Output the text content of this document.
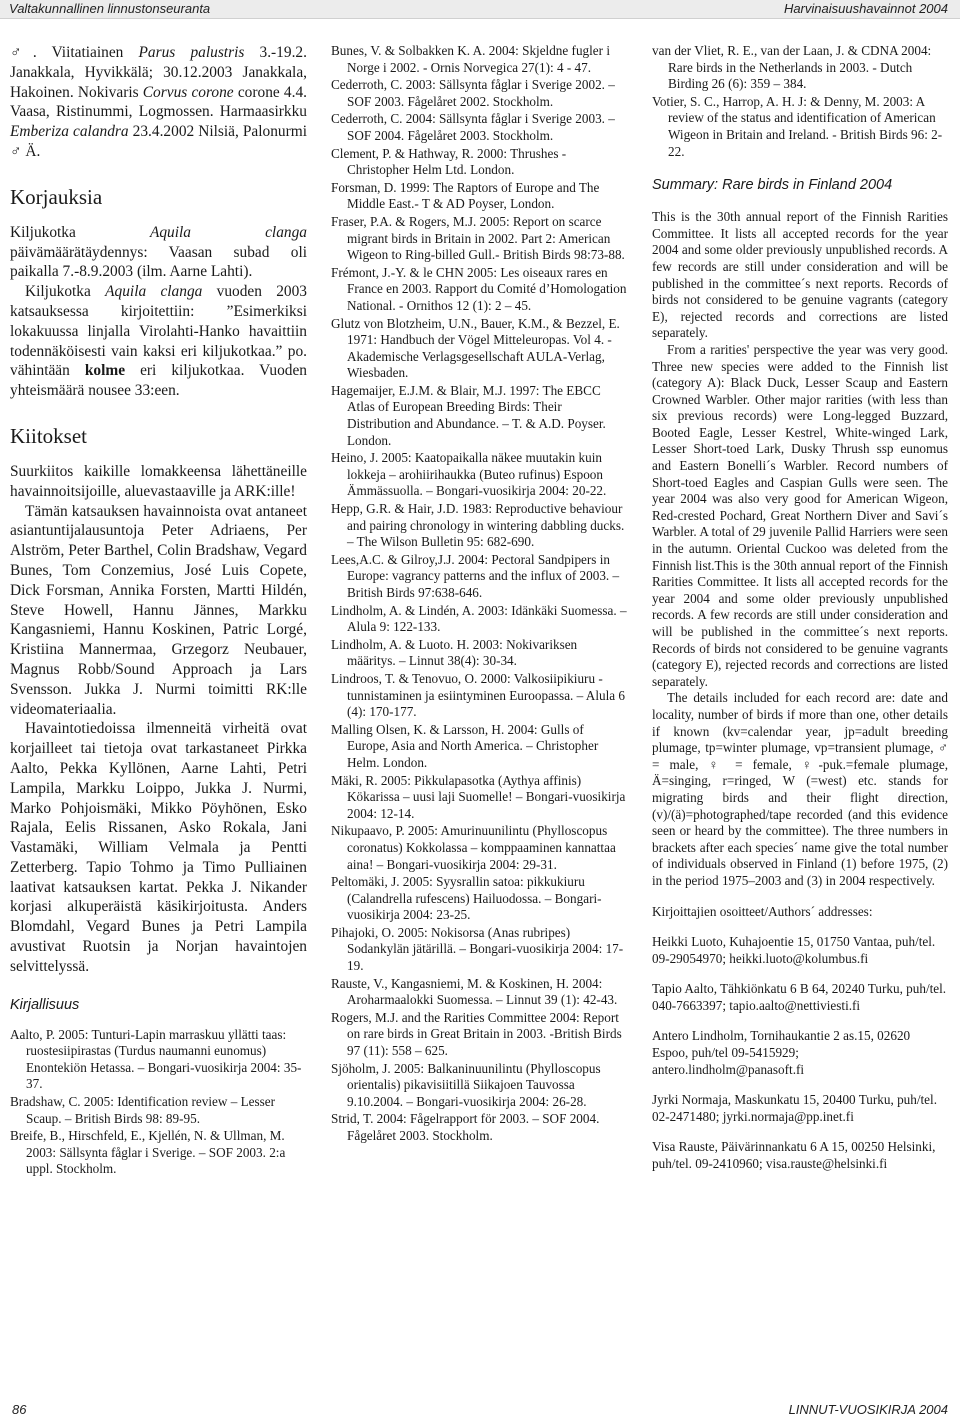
Valtakunnallinen linnustonseuranta	Harvinaisuushavainnot 2004

♂. Viitatiainen Parus palustris 3.-19.2. Janakkala, Hyvikkälä; 30.12.2003 Janakkala, Hakoinen. Nokivaris Corvus corone corone 4.4. Vaasa, Ristinummi, Logmossen. Harmaasirkku Emberiza calandra 23.4.2002 Nilsiä, Palonurmi ♂ Ä.

Korjauksia

Kiljukotka Aquila clanga päivämäärätäydennys: Vaasan subad oli paikalla 7.-8.9.2003 (ilm. Aarne Lahti).

Kiljukotka Aquila clanga vuoden 2003 katsauksessa kirjoitettiin: ”Esimerkiksi lokakuussa linjalla Virolahti-Hanko havaittiin todennäköisesti vain kaksi eri kiljukotkaa.” po. vähintään kolme eri kiljukotkaa. Vuoden yhteismäärä nousee 33:een.

Kiitokset

Suurkiitos kaikille lomakkeensa lähettäneille havainnoitsijoille, aluevastaaville ja ARK:ille!

Tämän katsauksen havainnoista ovat antaneet asiantuntijalausuntoja Peter Adriaens, Per Alström, Peter Barthel, Colin Bradshaw, Vegard Bunes, Tom Conzemius, José Luis Copete, Dick Forsman, Annika Forsten, Martti Hildén, Steve Howell, Hannu Jännes, Markku Kangasniemi, Hannu Koskinen, Patric Lorgé, Kristiina Mannermaa, Grzegorz Neubauer, Magnus Robb/Sound Approach ja Lars Svensson. Jukka J. Nurmi toimitti RK:lle videomateriaalia.

Havaintotiedoissa ilmenneitä virheitä ovat korjailleet tai tietoja ovat tarkastaneet Pirkka Aalto, Pekka Kyllönen, Aarne Lahti, Petri Lampila, Markku Loippo, Jukka J. Nurmi, Marko Pohjoismäki, Mikko Pöyhönen, Esko Rajala, Eelis Rissanen, Asko Rokala, Jani Vastamäki, William Velmala ja Pentti Zetterberg. Tapio Tohmo ja Timo Pulliainen laativat katsauksen kartat. Pekka J. Nikander korjasi alkuperäistä käsikirjoitusta. Anders Blomdahl, Vegard Bunes ja Petri Lampila avustivat Ruotsin ja Norjan havaintojen selvittelyssä.

Kirjallisuus

Aalto, P. 2005: Tunturi-Lapin marraskuu yllätti taas: ruostesiipirastas (Turdus naumanni eunomus) Enontekiön Hetassa. – Bongari-vuosikirja 2004: 35-37.

Bradshaw, C. 2005: Identification review – Lesser Scaup. – British Birds 98: 89-95.

Breife, B., Hirschfeld, E., Kjellén, N. & Ullman, M. 2003: Sällsynta fåglar i Sverige. – SOF 2003. 2:a uppl. Stockholm.

Bunes, V. & Solbakken K. A. 2004: Skjeldne fugler i Norge i 2002. - Ornis Norvegica 27(1): 4 - 47.

Cederroth, C. 2003: Sällsynta fåglar i Sverige 2002. – SOF 2003. Fågelåret 2002. Stockholm.

Cederroth, C. 2004: Sällsynta fåglar i Sverige 2003. – SOF 2004. Fågelåret 2003. Stockholm.

Clement, P. & Hathway, R. 2000: Thrushes - Christopher Helm Ltd. London.

Forsman, D. 1999: The Raptors of Europe and The Middle East.- T & AD Poyser, London.

Fraser, P.A. & Rogers, M.J. 2005: Report on scarce migrant birds in Britain in 2002. Part 2: American Wigeon to Ring-billed Gull.- British Birds 98:73-88.

Frémont, J.-Y. & le CHN 2005: Les oiseaux rares en France en 2003. Rapport du Comité d’Homologation National. - Ornithos 12 (1): 2 – 45.

Glutz von Blotzheim, U.N., Bauer, K.M., & Bezzel, E. 1971: Handbuch der Vögel Mitteleuropas. Vol 4. - Akademische Verlagsgesellschaft AULA-Verlag, Wiesbaden.

Hagemaijer, E.J.M. & Blair, M.J. 1997: The EBCC Atlas of European Breeding Birds: Their Distribution and Abundance. – T. & A.D. Poyser. London.

Heino, J. 2005: Kaatopaikalla näkee muutakin kuin lokkeja – arohiirihaukka (Buteo rufinus) Espoon Ämmässuolla. – Bongari-vuosikirja 2004: 20-22.

Hepp, G.R. & Hair, J.D. 1983: Reproductive behaviour and pairing chronology in wintering dabbling ducks. – The Wilson Bulletin 95: 682-690.

Lees,A.C. & Gilroy,J.J. 2004: Pectoral Sandpipers in Europe: vagrancy patterns and the influx of 2003. – British Birds 97:638-646.

Lindholm, A. & Lindén, A. 2003: Idänkäki Suomessa. – Alula 9: 122-133.

Lindholm, A. & Luoto. H. 2003: Nokivariksen määritys. – Linnut 38(4): 30-34.

Lindroos, T. & Tenovuo, O. 2000: Valkosiipikiuru - tunnistaminen ja esiintyminen Euroopassa. – Alula 6 (4): 170-177.

Malling Olsen, K. & Larsson, H. 2004: Gulls of Europe, Asia and North America. – Christopher Helm. London.

Mäki, R. 2005: Pikkulapasotka (Aythya affinis) Kökarissa – uusi laji Suomelle! – Bongari-vuosikirja 2004: 12-14.

Nikupaavo, P. 2005: Amurinuunilintu (Phylloscopus coronatus) Kokkolassa – komppaaminen kannattaa aina! – Bongari-vuosikirja 2004: 29-31.

Peltomäki, J. 2005: Syysrallin satoa: pikkukiuru (Calandrella rufescens) Hailuodossa. – Bongari-vuosikirja 2004: 23-25.

Pihajoki, O. 2005: Nokisorsa (Anas rubripes) Sodankylän jätärillä. – Bongari-vuosikirja 2004: 17-19.

Rauste, V., Kangasniemi, M. & Koskinen, H. 2004: Aroharmaalokki Suomessa. – Linnut 39 (1): 42-43.

Rogers, M.J. and the Rarities Committee 2004: Report on rare birds in Great Britain in 2003. -British Birds 97 (11): 558 – 625.

Sjöholm, J. 2005: Balkaninuunilintu (Phylloscopus orientalis) pikavisiitillä Siikajoen Tauvossa 9.10.2004. – Bongari-vuosikirja 2004: 26-28.

Strid, T. 2004: Fågelrapport för 2003. – SOF 2004. Fågelåret 2003. Stockholm.

van der Vliet, R. E., van der Laan, J. & CDNA 2004: Rare birds in the Netherlands in 2003. - Dutch Birding 26 (6): 359 – 384.

Votier, S. C., Harrop, A. H. J: & Denny, M. 2003: A review of the status and identification of American Wigeon in Britain and Ireland. - British Birds 96: 2-22.

Summary: Rare birds in Finland 2004

This is the 30th annual report of the Finnish Rarities Committee. It lists all accepted records for the year 2004 and some older previously unpublished records. A few records are still under consideration and will be published in the committee´s next reports. Records of birds not considered to be genuine vagrants (category E), rejected records and corrections are listed separately.

From a rarities' perspective the year was very good. Three new species were added to the Finnish list (category A): Black Duck, Lesser Scaup and Eastern Crowned Warbler. Other major rarities (with less than six previous records) were Long-legged Buzzard, Booted Eagle, Lesser Kestrel, White-winged Lark, Lesser Short-toed Lark, Dusky Thrush ssp eunomus and Eastern Bonelli´s Warbler. Record numbers of Short-toed Eagles and Caspian Gulls were seen. The year 2004 was also very good for American Wigeon, Red-crested Pochard, Great Northern Diver and Savi´s Warbler. A total of 29 juvenile Pallid Harriers were seen in the autumn. Oriental Cuckoo was deleted from the Finnish list.This is the 30th annual report of the Finnish Rarities Committee. It lists all accepted records for the year 2004 and some older previously unpublished records. A few records are still under consideration and will be published in the committee´s next reports. Records of birds not considered to be genuine vagrants (category E), rejected records and corrections are listed separately.

The details included for each record are: date and locality, number of birds if more than one, other details if known (kv=calendar year, jp=adult breeding plumage, tp=winter plumage, vp=transient plumage, ♂ = male, ♀ = female, ♀-puk.=female plumage, Ä=singing, r=ringed, W (=west) etc. stands for migrating birds and their flight direction, (v)/(ä)=photographed/tape recorded (and this evidence seen or heard by the committee). The three numbers in brackets after each species´ name give the total number of individuals observed in Finland (1) before 1975, (2) in the period 1975–2003 and (3) in 2004 respectively.

Kirjoittajien osoitteet/Authors´ addresses:

Heikki Luoto, Kuhajoentie 15, 01750 Vantaa, puh/tel. 09-29054970; heikki.luoto@kolumbus.fi

Tapio Aalto, Tähkiönkatu 6 B 64, 20240 Turku, puh/tel. 040-7663397; tapio.aalto@nettiviesti.fi

Antero Lindholm, Tornihaukantie 2 as.15, 02620 Espoo, puh/tel 09-5415929; antero.lindholm@panasoft.fi

Jyrki Normaja, Maskunkatu 15, 20400 Turku, puh/tel. 02-2471480; jyrki.normaja@pp.inet.fi

Visa Rauste, Päivärinnankatu 6 A 15, 00250 Helsinki, puh/tel. 09-2410960; visa.rauste@helsinki.fi

86	LINNUT-VUOSIKIRJA 2004
